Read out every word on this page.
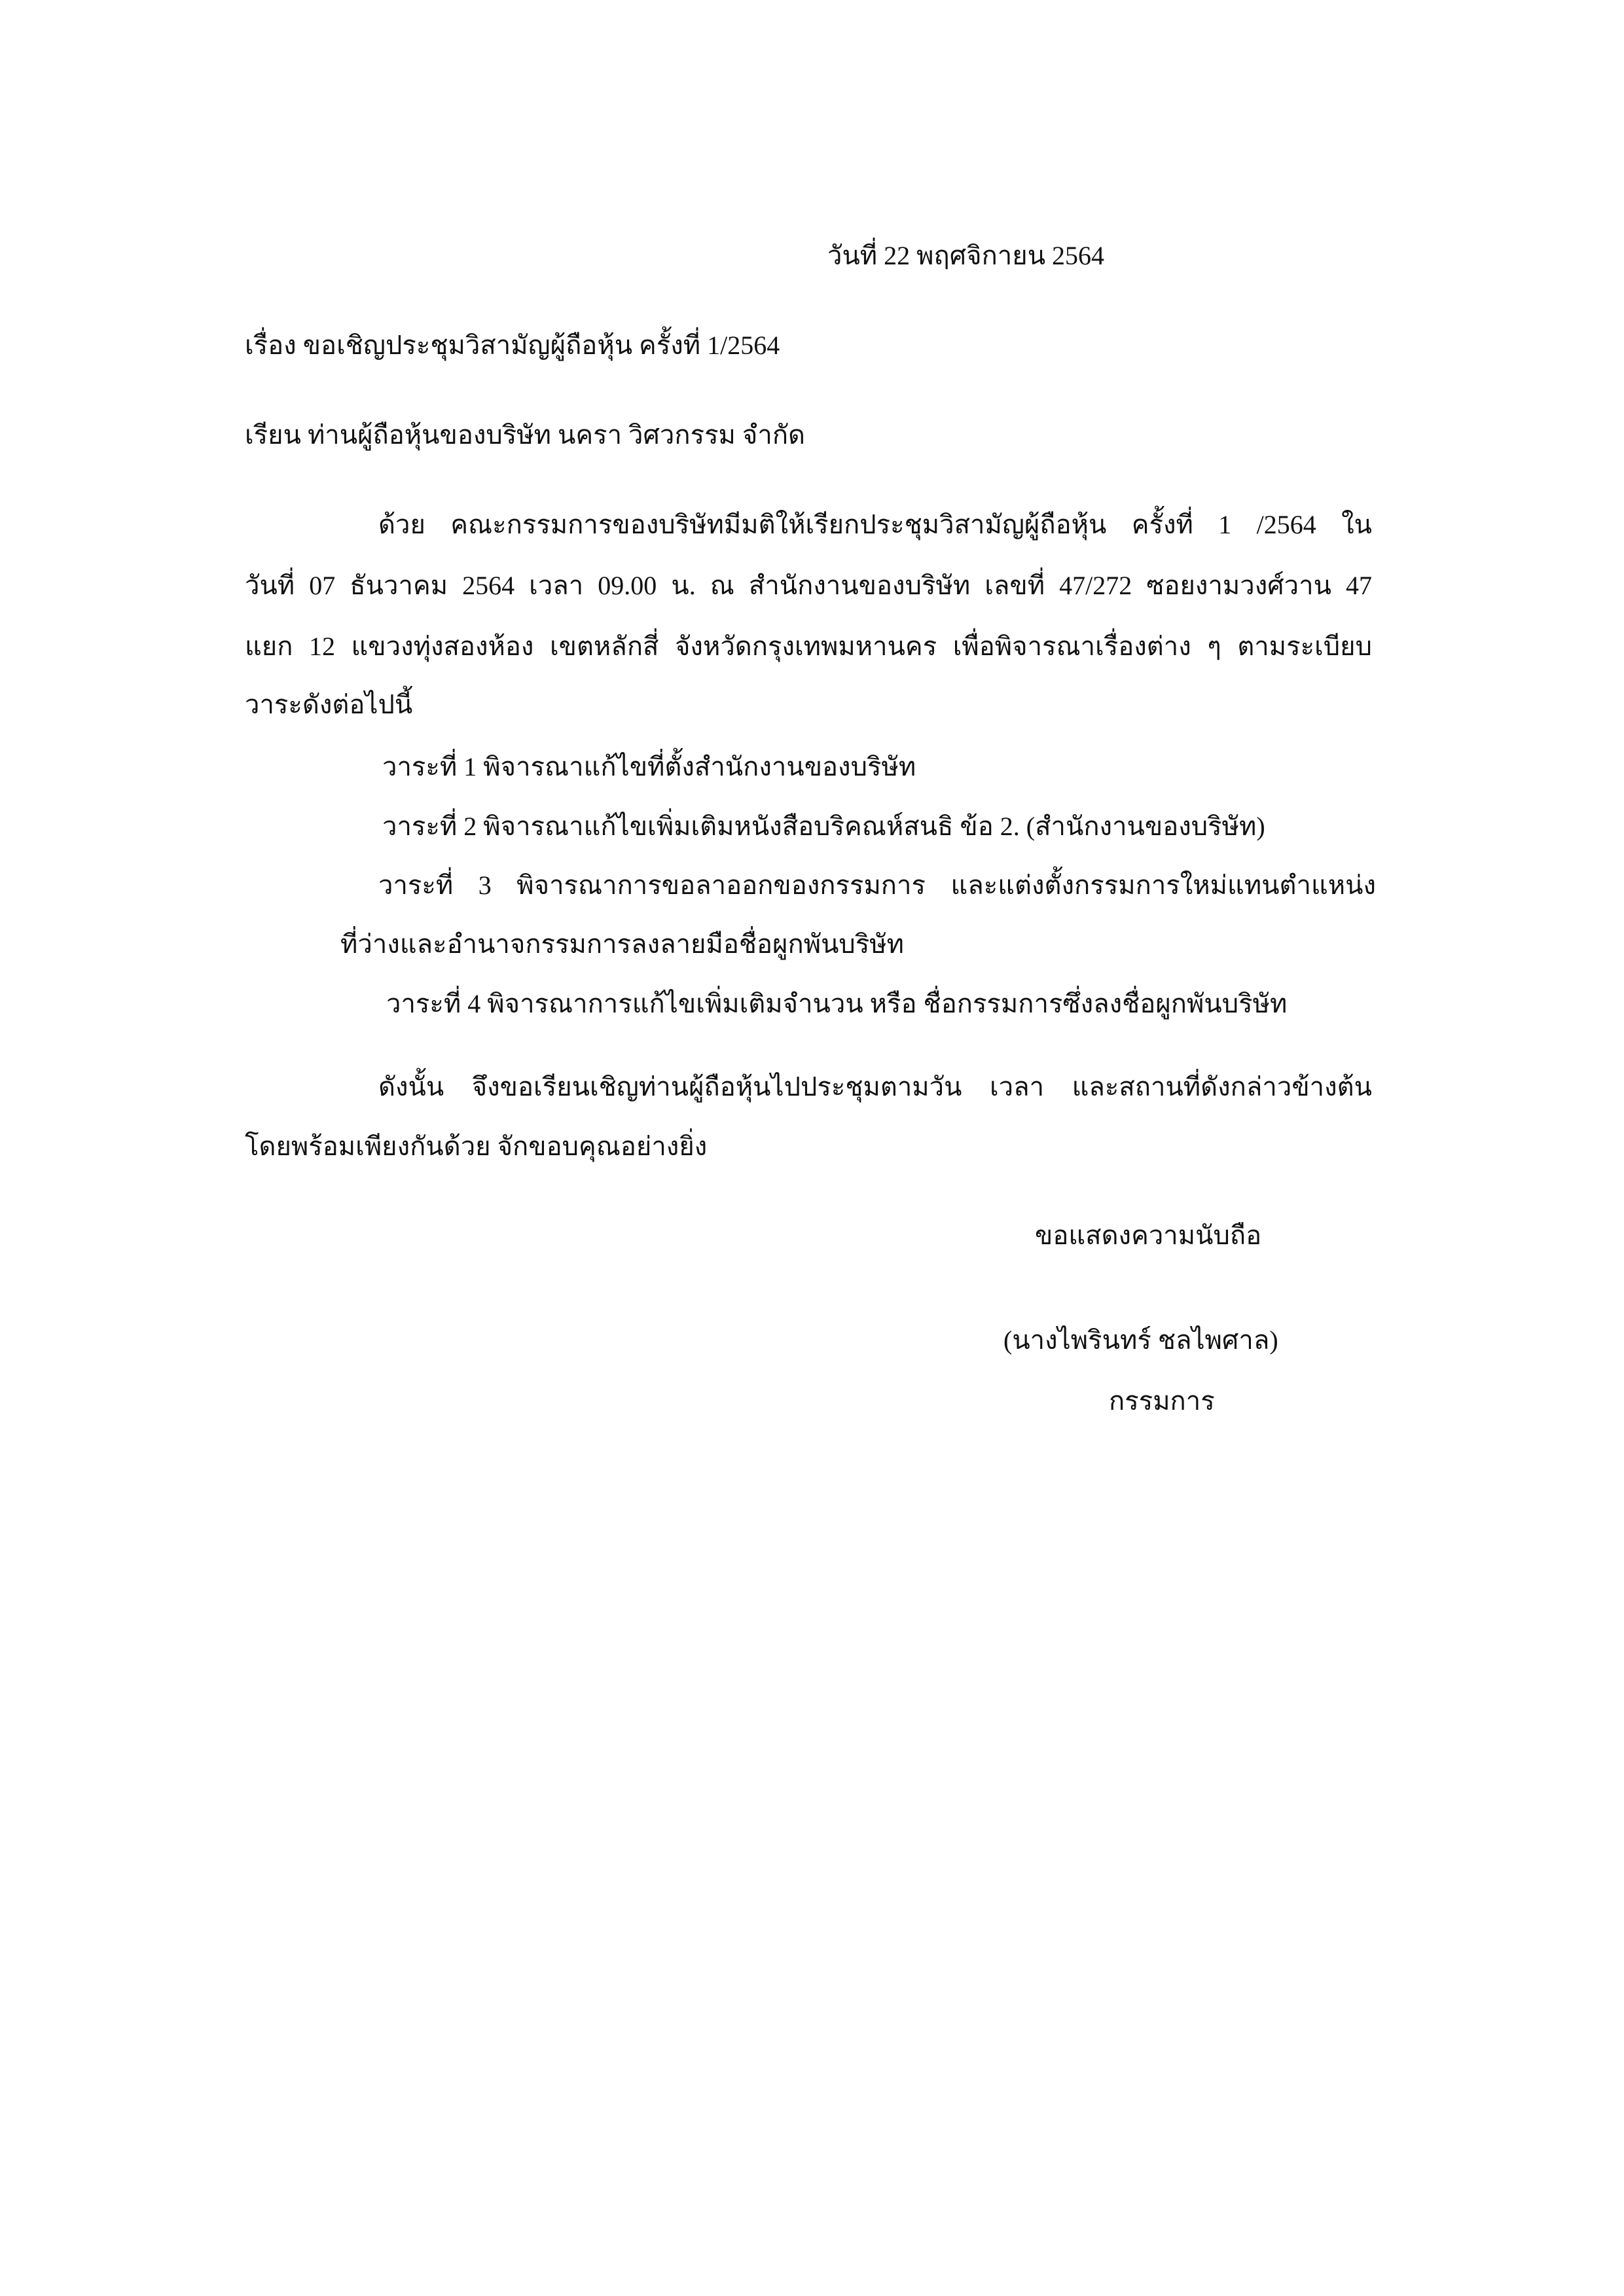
วันที่ 22 พฤศจิกายน 2564

เรื่อง ขอเชิญประชุมวิสามัญผู้ถือหุ้น ครั้งที่ 1/2564

เรียน ท่านผู้ถือหุ้นของบริษัท นครา วิศวกรรม จำกัด

ด้วย คณะกรรมการของบริษัทมีมติให้เรียกประชุมวิสามัญผู้ถือหุ้น ครั้งที่ 1 /2564 ใน

วันที่ 07 ธันวาคม 2564 เวลา 09.00 น. ณ สำนักงานของบริษัท เลขที่ 47/272 ซอยงามวงศ์วาน 47

แยก 12 แขวงทุ่งสองห้อง เขตหลักสี่ จังหวัดกรุงเทพมหานคร เพื่อพิจารณาเรื่องต่าง ๆ ตามระเบียบ

วาระดังต่อไปนี้

วาระที่ 1 พิจารณาแก้ไขที่ตั้งสำนักงานของบริษัท

วาระที่ 2 พิจารณาแก้ไขเพิ่มเติมหนังสือบริคณห์สนธิ ข้อ 2. (สำนักงานของบริษัท)

วาระที่ 3 พิจารณาการขอลาออกของกรรมการ และแต่งตั้งกรรมการใหม่แทนตำแหน่ง

ที่ว่างและอำนาจกรรมการลงลายมือชื่อผูกพันบริษัท

วาระที่ 4 พิจารณาการแก้ไขเพิ่มเติมจำนวน หรือ ชื่อกรรมการซึ่งลงชื่อผูกพันบริษัท

ดังนั้น จึงขอเรียนเชิญท่านผู้ถือหุ้นไปประชุมตามวัน เวลา และสถานที่ดังกล่าวข้างต้น

โดยพร้อมเพียงกันด้วย จักขอบคุณอย่างยิ่ง

ขอแสดงความนับถือ

(นางไพรินทร์ ชลไพศาล)

กรรมการ
